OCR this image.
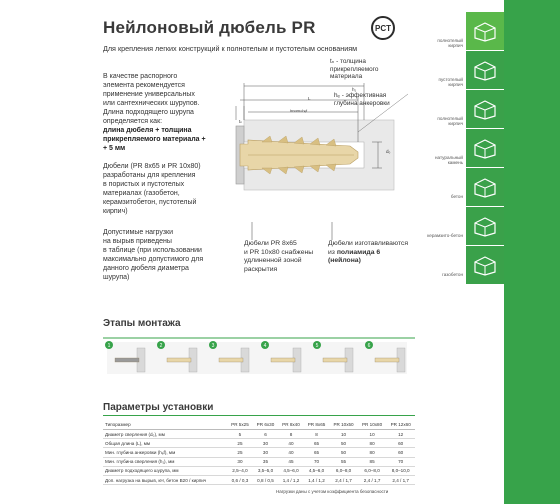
Нейлоновый дюбель PR	PCT
Для крепления легких конструкций к полнотелым и пустотелым основаниям
В качестве распорного
элемента рекомендуется
применение универсальных
или сантехнических шурупов.
Длина подходящего шурупа
определяется как:
длина дюбеля + толщина
прикрепляемого материала +
+ 5 мм
Дюбели (PR 8x65 и PR 10x80)
разработаны для крепления
в пористых и пустотелых
материалах (газобетон,
керамзитобетон, пустотелый
кирпич)
Допустимые нагрузки
на вырыв приведены
в таблице (при использовании
максимально допустимого для
данного дюбеля диаметра
шурупа)
h₁
L
hnom=hₑf
tₙ
d₀
tₙ - толщина
прикрепляемого
материала
hₑ - эффективная
глубина анкеровки
Дюбели PR 8x65
и PR 10x80 снабжены
удлиненной зоной
раскрытия
Дюбели изготавливаются
из полиамида 6
(нейлона)
полнотелый кирпич
пустотелый кирпич
полнотелый кирпич
натуральный камень
бетон
керамзито-бетон
газобетон
Каталог продукции
Этапы монтажа
1	2	3	4	5	6
Параметры установки
Типоразмер	PR 5x25	PR 6x30	PR 8x40	PR 8x65	PR 10x50	PR 10x80	PR 12x60
Диаметр сверления (d₀), мм	5	6	8	8	10	10	12
Общая длина (L), мм	25	30	40	65	50	80	60
Мин. глубина анкеровки (hₑf), мм	25	30	40	65	50	80	60
Мин. глубина сверления (h₁), мм	30	35	45	70	55	85	70
Диаметр подходящего шурупа, мм	2,5–4,0	3,5–5,0	4,5–6,0	4,5–6,0	6,0–8,0	6,0–8,0	8,0–10,0
Доп. нагрузка на вырыв, кН, бетон B20 / кирпич	0,6 / 0,3	0,8 / 0,5	1,4 / 1,2	1,4 / 1,2	2,4 / 1,7	2,4 / 1,7	2,4 / 1,7
Нагрузки даны с учетом коэффициента безопасности
